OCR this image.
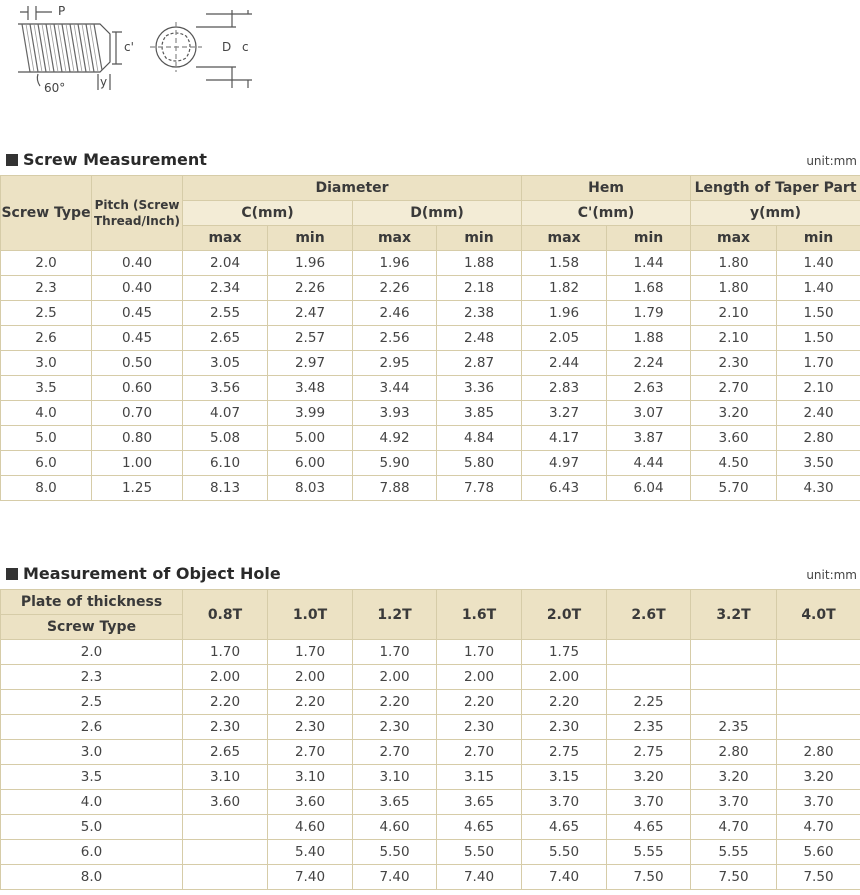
P
c'
60°	y
D c
Screw Measurement	unit:mm
Screw Type	Pitch (Screw Thread/Inch)	Diameter				Hem		Length of Taper Part	
		C(mm)		D(mm)		C'(mm)		y(mm)	
		max	min	max	min	max	min	max	min
2.0	0.40	2.04	1.96	1.96	1.88	1.58	1.44	1.80	1.40
2.3	0.40	2.34	2.26	2.26	2.18	1.82	1.68	1.80	1.40
2.5	0.45	2.55	2.47	2.46	2.38	1.96	1.79	2.10	1.50
2.6	0.45	2.65	2.57	2.56	2.48	2.05	1.88	2.10	1.50
3.0	0.50	3.05	2.97	2.95	2.87	2.44	2.24	2.30	1.70
3.5	0.60	3.56	3.48	3.44	3.36	2.83	2.63	2.70	2.10
4.0	0.70	4.07	3.99	3.93	3.85	3.27	3.07	3.20	2.40
5.0	0.80	5.08	5.00	4.92	4.84	4.17	3.87	3.60	2.80
6.0	1.00	6.10	6.00	5.90	5.80	4.97	4.44	4.50	3.50
8.0	1.25	8.13	8.03	7.88	7.78	6.43	6.04	5.70	4.30
Measurement of Object Hole	unit:mm
Plate of thickness	0.8T	1.0T	1.2T	1.6T	2.0T	2.6T	3.2T	4.0T
Screw Type								
2.0	1.70	1.70	1.70	1.70	1.75			
2.3	2.00	2.00	2.00	2.00	2.00			
2.5	2.20	2.20	2.20	2.20	2.20	2.25		
2.6	2.30	2.30	2.30	2.30	2.30	2.35	2.35	
3.0	2.65	2.70	2.70	2.70	2.75	2.75	2.80	2.80
3.5	3.10	3.10	3.10	3.15	3.15	3.20	3.20	3.20
4.0	3.60	3.60	3.65	3.65	3.70	3.70	3.70	3.70
5.0		4.60	4.60	4.65	4.65	4.65	4.70	4.70
6.0		5.40	5.50	5.50	5.50	5.55	5.55	5.60
8.0		7.40	7.40	7.40	7.40	7.50	7.50	7.50
